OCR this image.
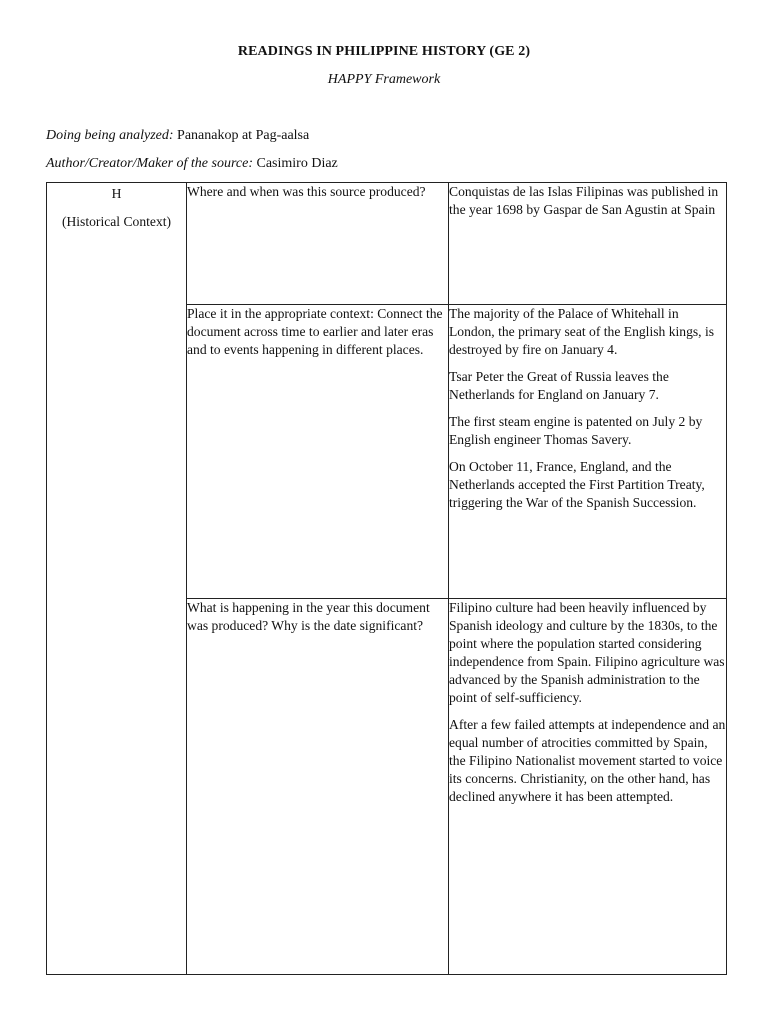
READINGS IN PHILIPPINE HISTORY (GE 2)
HAPPY Framework
Doing being analyzed: Pananakop at Pag-aalsa
Author/Creator/Maker of the source: Casimiro Diaz
H
(Historical Context)	Where and when was this source produced?	Conquistas de las Islas Filipinas was published in the year 1698 by Gaspar de San Agustin at Spain

	Place it in the appropriate context: Connect the document across time to earlier and later eras and to events happening in different places.	The majority of the Palace of Whitehall in London, the primary seat of the English kings, is destroyed by fire on January 4.

Tsar Peter the Great of Russia leaves the Netherlands for England on January 7.

The first steam engine is patented on July 2 by English engineer Thomas Savery.

On October 11, France, England, and the Netherlands accepted the First Partition Treaty, triggering the War of the Spanish Succession.

	What is happening in the year this document was produced? Why is the date significant?	Filipino culture had been heavily influenced by Spanish ideology and culture by the 1830s, to the point where the population started considering independence from Spain. Filipino agriculture was advanced by the Spanish administration to the point of self-sufficiency.

After a few failed attempts at independence and an equal number of atrocities committed by Spain, the Filipino Nationalist movement started to voice its concerns. Christianity, on the other hand, has declined anywhere it has been attempted.
